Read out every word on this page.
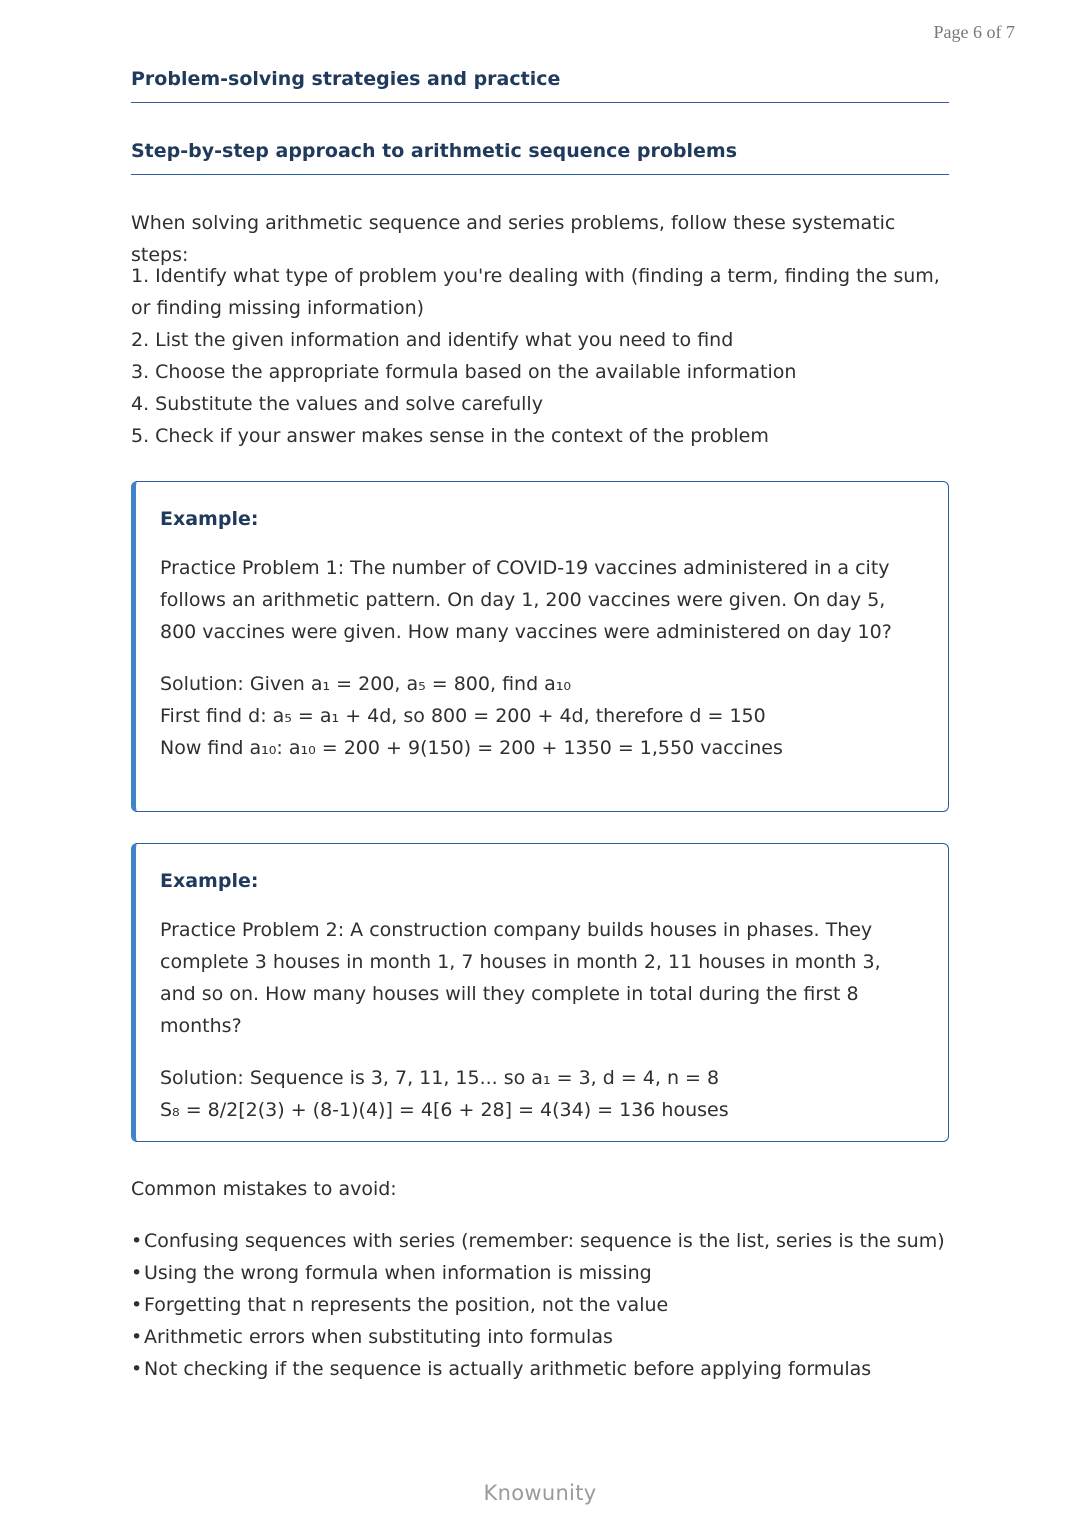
Page 6 of 7
Problem-solving strategies and practice
Step-by-step approach to arithmetic sequence problems
When solving arithmetic sequence and series problems, follow these systematic steps:
1. Identify what type of problem you're dealing with (finding a term, finding the sum, or finding missing information)
2. List the given information and identify what you need to find
3. Choose the appropriate formula based on the available information
4. Substitute the values and solve carefully
5. Check if your answer makes sense in the context of the problem
Example:
Practice Problem 1: The number of COVID-19 vaccines administered in a city follows an arithmetic pattern. On day 1, 200 vaccines were given. On day 5, 800 vaccines were given. How many vaccines were administered on day 10?
Solution: Given a₁ = 200, a₅ = 800, find a₁₀
First find d: a₅ = a₁ + 4d, so 800 = 200 + 4d, therefore d = 150
Now find a₁₀: a₁₀ = 200 + 9(150) = 200 + 1350 = 1,550 vaccines
Example:
Practice Problem 2: A construction company builds houses in phases. They complete 3 houses in month 1, 7 houses in month 2, 11 houses in month 3, and so on. How many houses will they complete in total during the first 8 months?
Solution: Sequence is 3, 7, 11, 15... so a₁ = 3, d = 4, n = 8
S₈ = 8/2[2(3) + (8-1)(4)] = 4[6 + 28] = 4(34) = 136 houses
Common mistakes to avoid:
• Confusing sequences with series (remember: sequence is the list, series is the sum)
• Using the wrong formula when information is missing
• Forgetting that n represents the position, not the value
• Arithmetic errors when substituting into formulas
• Not checking if the sequence is actually arithmetic before applying formulas
Knowunity
